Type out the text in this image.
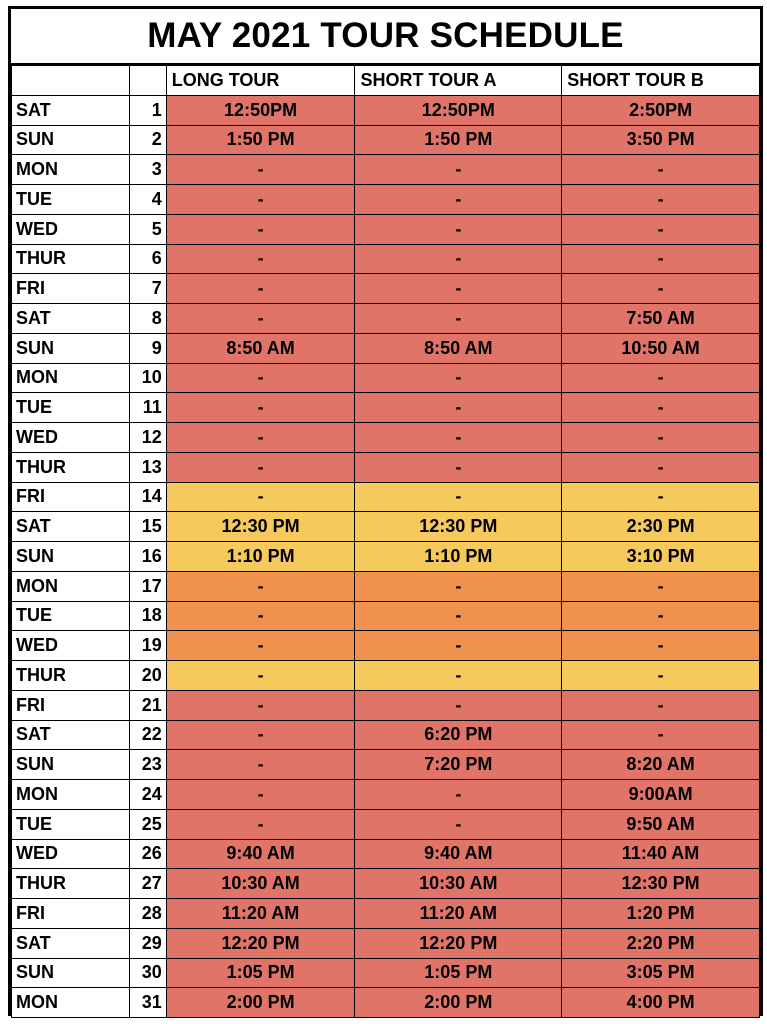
MAY 2021 TOUR SCHEDULE
		LONG TOUR	SHORT TOUR A	SHORT TOUR B
SAT	1	12:50PM	12:50PM	2:50PM
SUN	2	1:50 PM	1:50 PM	3:50 PM
MON	3	-	-	-
TUE	4	-	-	-
WED	5	-	-	-
THUR	6	-	-	-
FRI	7	-	-	-
SAT	8	-	-	7:50 AM
SUN	9	8:50 AM	8:50 AM	10:50 AM
MON	10	-	-	-
TUE	11	-	-	-
WED	12	-	-	-
THUR	13	-	-	-
FRI	14	-	-	-
SAT	15	12:30 PM	12:30 PM	2:30 PM
SUN	16	1:10 PM	1:10 PM	3:10 PM
MON	17	-	-	-
TUE	18	-	-	-
WED	19	-	-	-
THUR	20	-	-	-
FRI	21	-	-	-
SAT	22	-	6:20 PM	-
SUN	23	-	7:20 PM	8:20 AM
MON	24	-	-	9:00AM
TUE	25	-	-	9:50 AM
WED	26	9:40 AM	9:40 AM	11:40 AM
THUR	27	10:30 AM	10:30 AM	12:30 PM
FRI	28	11:20 AM	11:20 AM	1:20 PM
SAT	29	12:20 PM	12:20 PM	2:20 PM
SUN	30	1:05 PM	1:05 PM	3:05 PM
MON	31	2:00 PM	2:00 PM	4:00 PM
